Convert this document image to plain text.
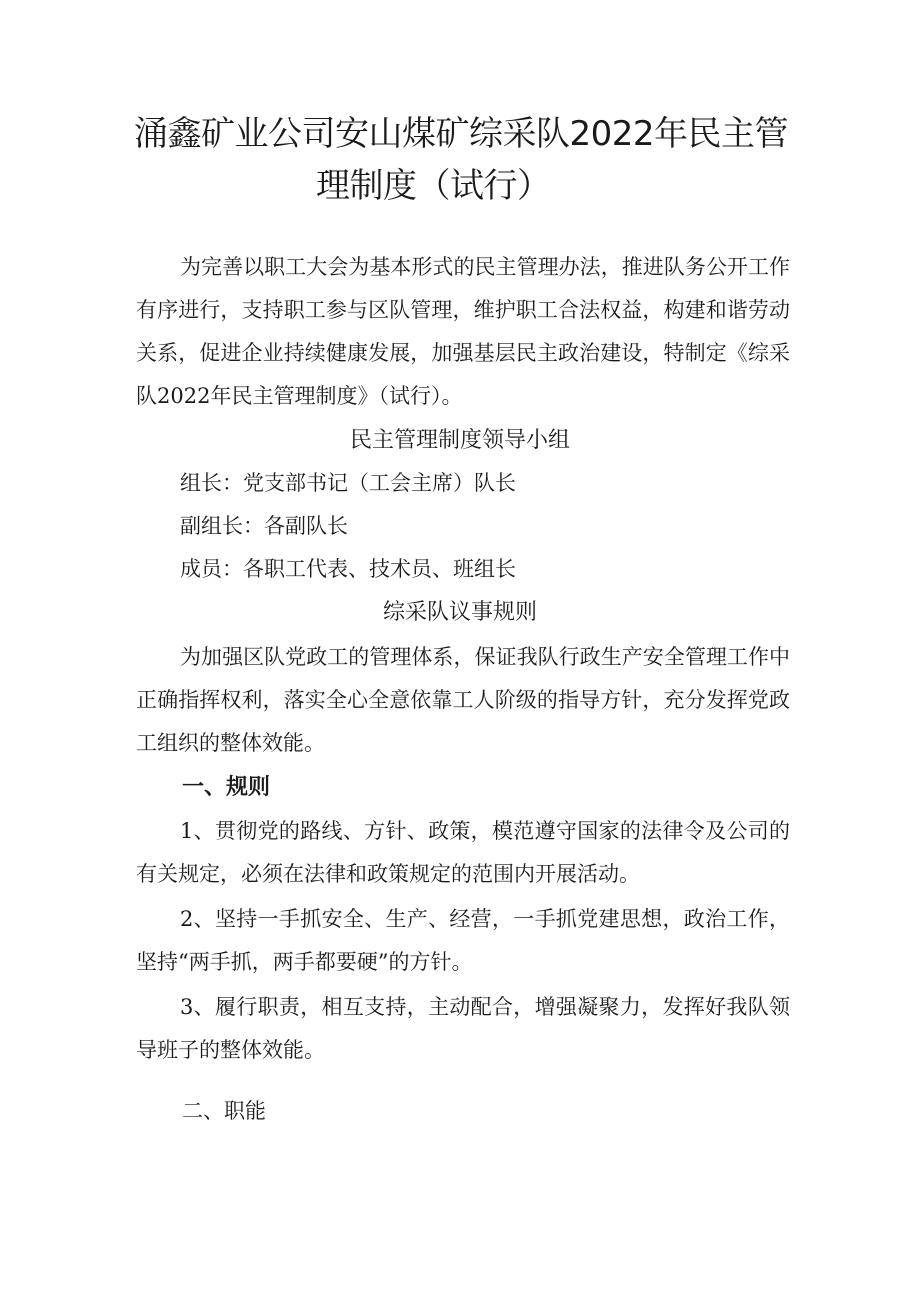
涌鑫矿业公司安山煤矿综采队2022年民主管
理制度（试行）

为完善以职工大会为基本形式的民主管理办法，推进队务公开工作有序进行，支持职工参与区队管理，维护职工合法权益，构建和谐劳动关系，促进企业持续健康发展，加强基层民主政治建设，特制定《综采队2022年民主管理制度》（试行）。

民主管理制度领导小组

组长：党支部书记（工会主席）队长

副组长：各副队长

成员：各职工代表、技术员、班组长

综采队议事规则

为加强区队党政工的管理体系，保证我队行政生产安全管理工作中正确指挥权利，落实全心全意依靠工人阶级的指导方针，充分发挥党政工组织的整体效能。

一、规则

1、贯彻党的路线、方针、政策，模范遵守国家的法律令及公司的有关规定，必须在法律和政策规定的范围内开展活动。

2、坚持一手抓安全、生产、经营，一手抓党建思想，政治工作，坚持“两手抓，两手都要硬”的方针。

3、履行职责，相互支持，主动配合，增强凝聚力，发挥好我队领导班子的整体效能。

二、职能
